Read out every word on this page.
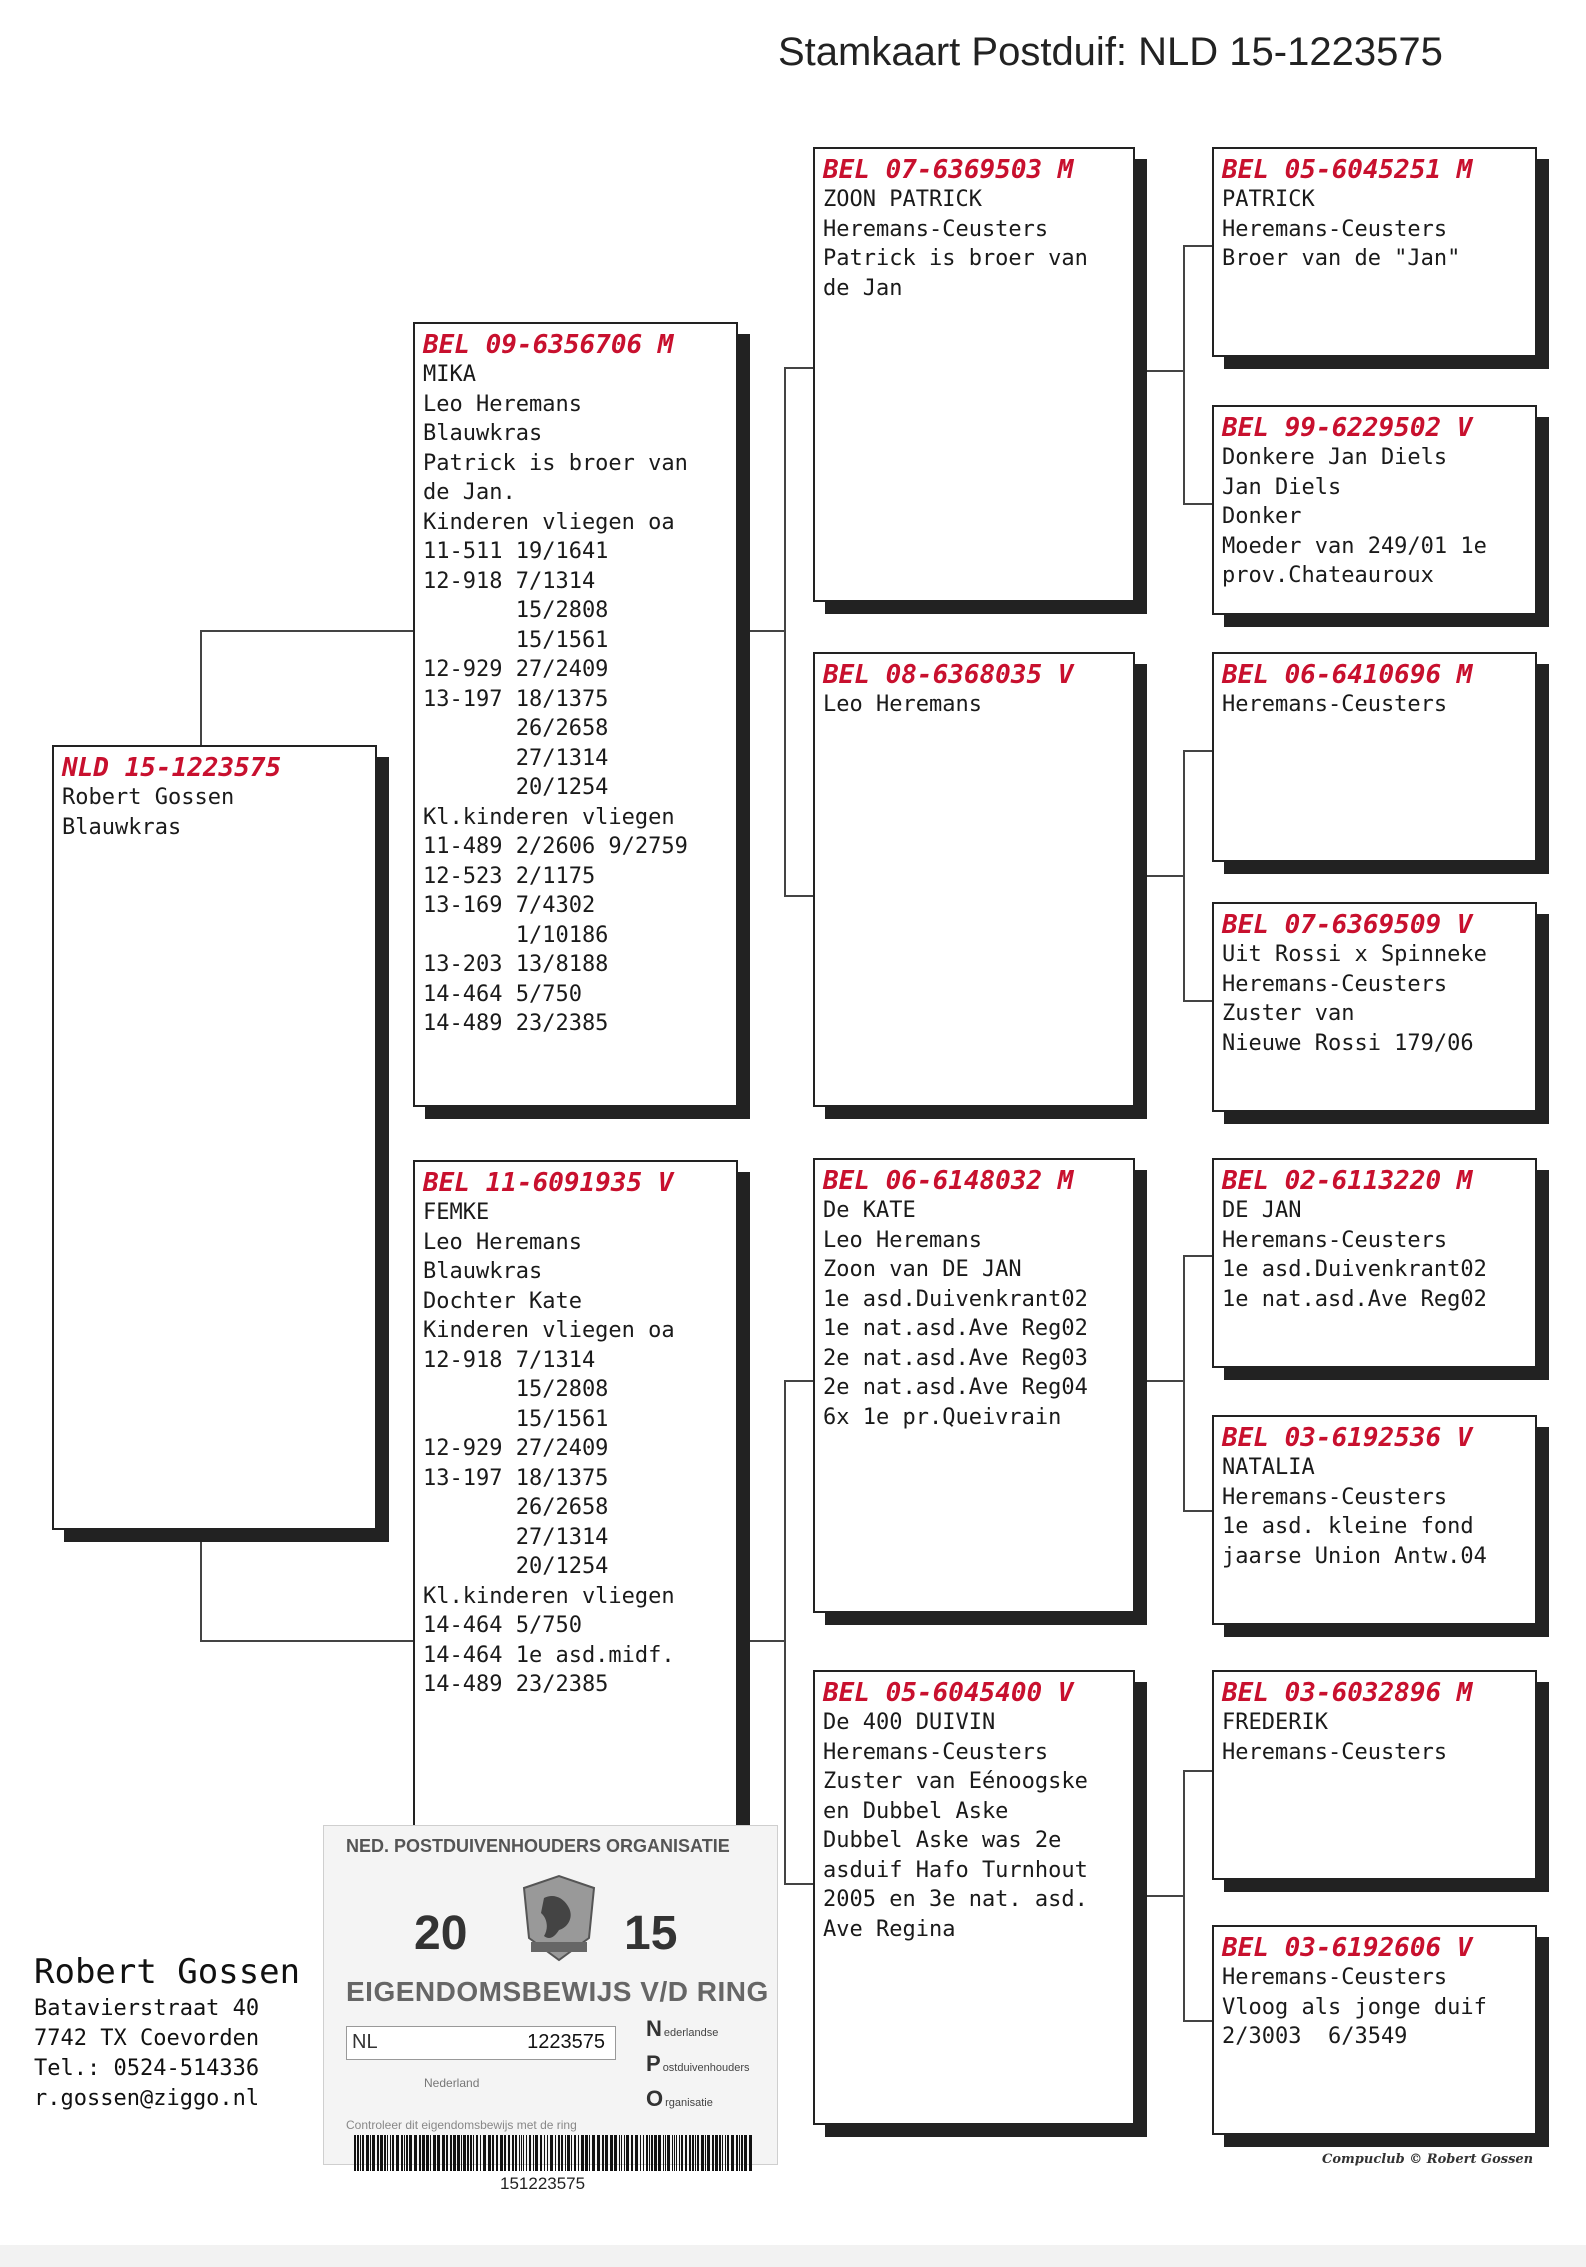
Stamkaart Postduif: NLD 15-1223575
NLD 15-1223575
Robert Gossen
Blauwkras
BEL 09-6356706 M
MIKA
Leo Heremans
Blauwkras
Patrick is broer van
de Jan.
Kinderen vliegen oa
11-511 19/1641
12-918 7/1314
15/2808
15/1561
12-929 27/2409
13-197 18/1375
26/2658
27/1314
20/1254
Kl.kinderen vliegen
11-489 2/2606 9/2759
12-523 2/1175
13-169 7/4302
1/10186
13-203 13/8188
14-464 5/750
14-489 23/2385
BEL 11-6091935 V
FEMKE
Leo Heremans
Blauwkras
Dochter Kate
Kinderen vliegen oa
12-918 7/1314
15/2808
15/1561
12-929 27/2409
13-197 18/1375
26/2658
27/1314
20/1254
Kl.kinderen vliegen
14-464 5/750
14-464 1e asd.midf.
14-489 23/2385
BEL 07-6369503 M
ZOON PATRICK
Heremans-Ceusters
Patrick is broer van
de Jan
BEL 08-6368035 V
Leo Heremans
BEL 06-6148032 M
De KATE
Leo Heremans
Zoon van DE JAN
1e asd.Duivenkrant02
1e nat.asd.Ave Reg02
2e nat.asd.Ave Reg03
2e nat.asd.Ave Reg04
6x 1e pr.Queivrain
BEL 05-6045400 V
De 400 DUIVIN
Heremans-Ceusters
Zuster van Eénoogske
en Dubbel Aske
Dubbel Aske was 2e
asduif Hafo Turnhout
2005 en 3e nat. asd.
Ave Regina
BEL 05-6045251 M
PATRICK
Heremans-Ceusters
Broer van de "Jan"
BEL 99-6229502 V
Donkere Jan Diels
Jan Diels
Donker
Moeder van 249/01 1e
prov.Chateauroux
BEL 06-6410696 M
Heremans-Ceusters
BEL 07-6369509 V
Uit Rossi x Spinneke
Heremans-Ceusters
Zuster van
Nieuwe Rossi 179/06
BEL 02-6113220 M
DE JAN
Heremans-Ceusters
1e asd.Duivenkrant02
1e nat.asd.Ave Reg02
BEL 03-6192536 V
NATALIA
Heremans-Ceusters
1e asd. kleine fond
jaarse Union Antw.04
BEL 03-6032896 M
FREDERIK
Heremans-Ceusters
BEL 03-6192606 V
Heremans-Ceusters
Vloog als jonge duif
2/3003  6/3549
Robert Gossen
Batavierstraat 40
7742 TX Coevorden
Tel.: 0524-514336
r.gossen@ziggo.nl
NED. POSTDUIVENHOUDERS ORGANISATIE
20	15
EIGENDOMSBEWIJS V/D RING
NL	1223575
Nederland
Controleer dit eigendomsbewijs met de ring
Nederlandse
Postduivenhouders
Organisatie
151223575
Compuclub © Robert Gossen
